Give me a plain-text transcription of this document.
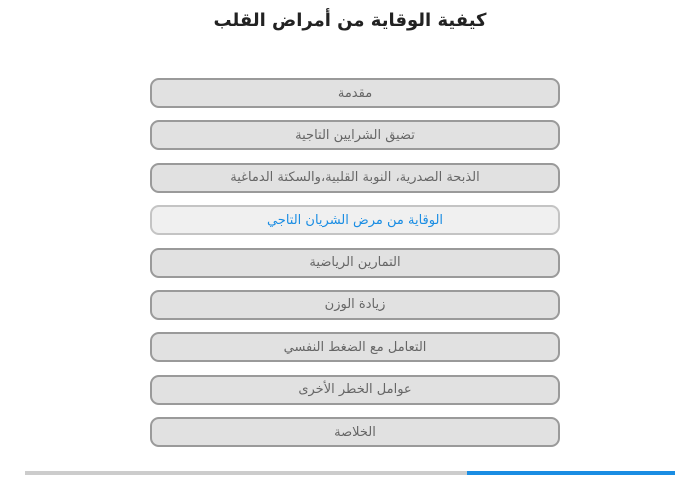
كيفية الوقاية من أمراض القلب
مقدمة
تضيق الشرايين التاجية
الذبحة الصدرية، النوبة القلبية،والسكتة الدماغية
الوقاية من مرض الشريان التاجي
التمارين الرياضية
زيادة الوزن
التعامل مع الضغط النفسي
عوامل الخطر الأخرى
الخلاصة
